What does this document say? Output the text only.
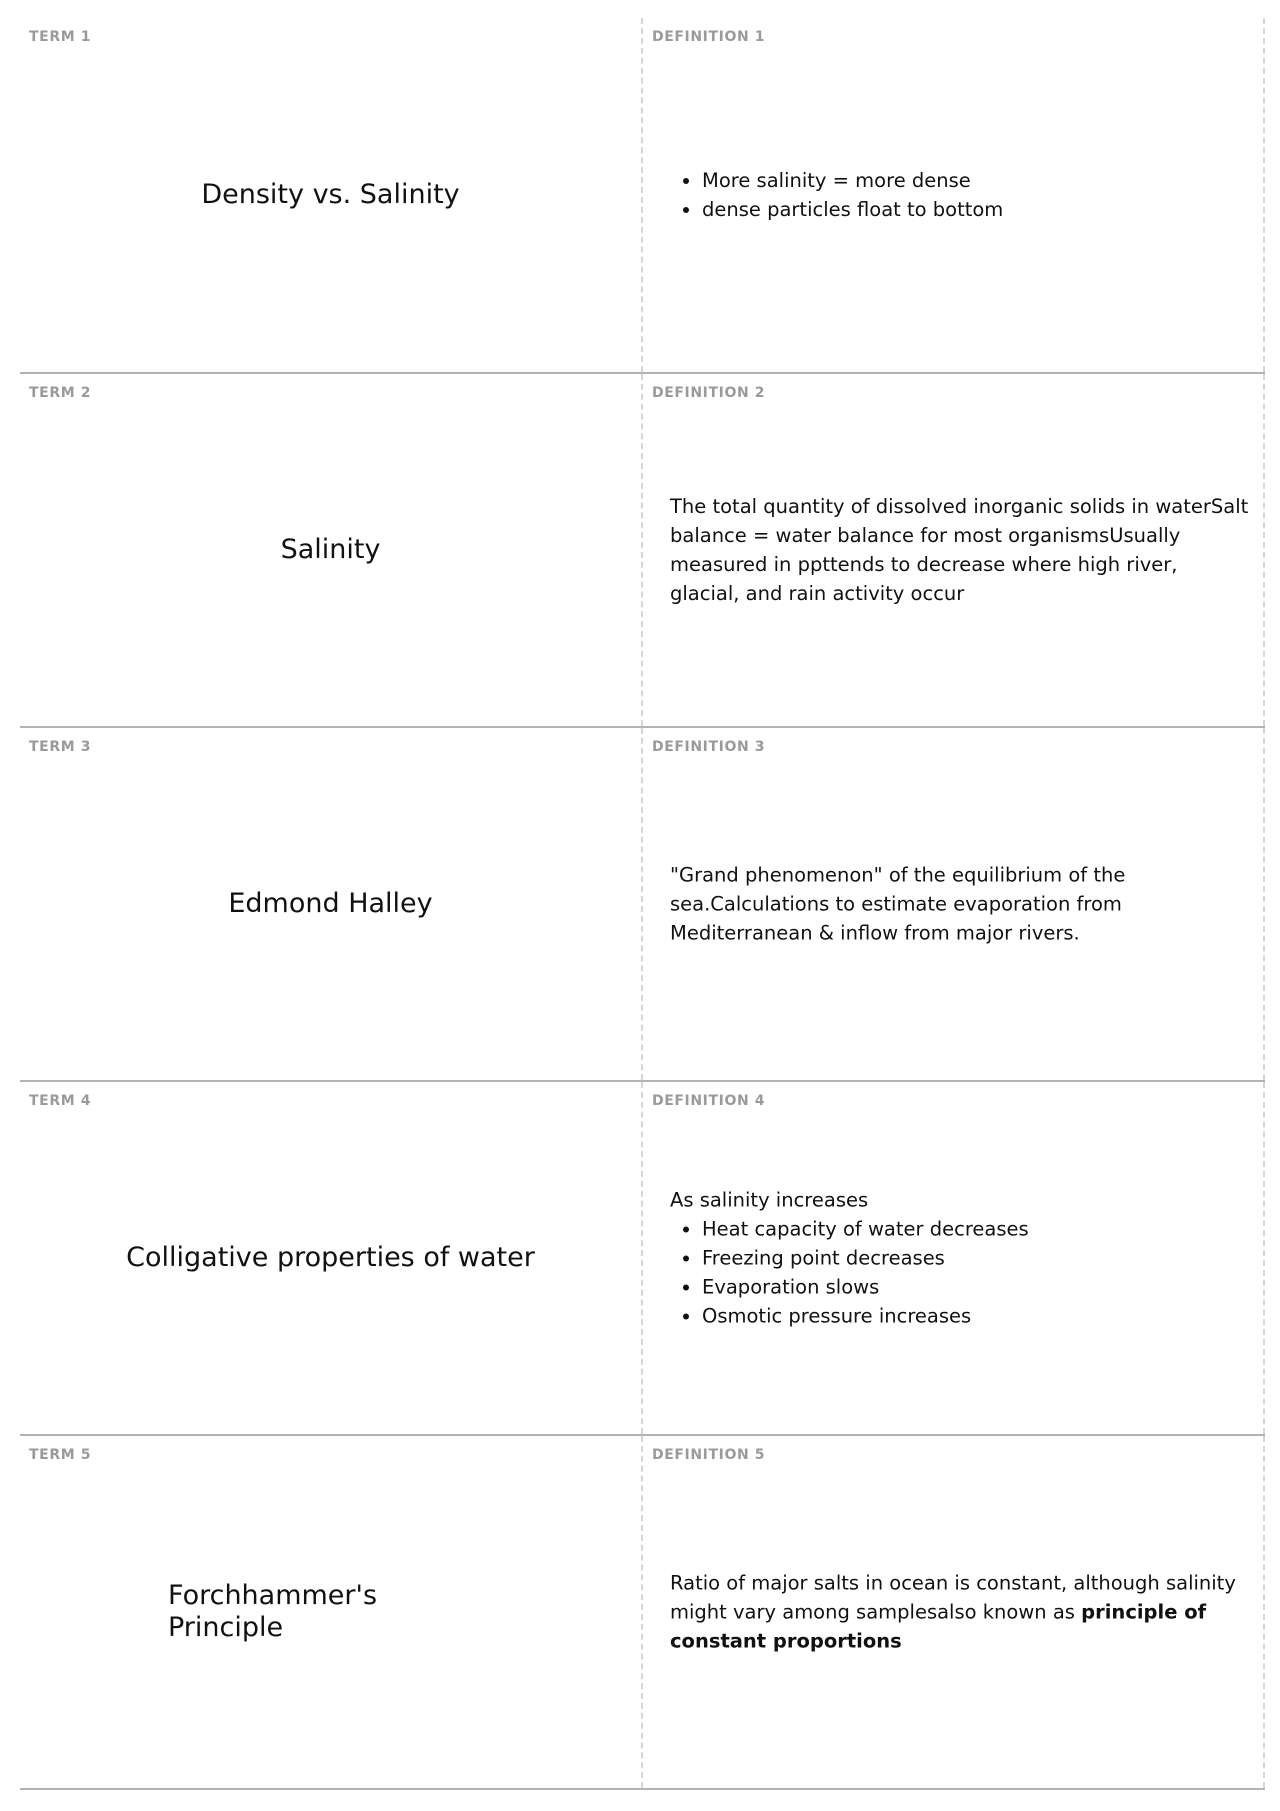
TERM 1
Density vs. Salinity
DEFINITION 1
• More salinity = more dense
• dense particles float to bottom
TERM 2
Salinity
DEFINITION 2

The total quantity of dissolved inorganic solids in waterSalt balance = water balance for most organismsUsually measured in ppttends to decrease where high river, glacial, and rain activity occur

TERM 3
Edmond Halley
DEFINITION 3

"Grand phenomenon" of the equilibrium of the sea.Calculations to estimate evaporation from Mediterranean & inflow from major rivers.

TERM 4
Colligative properties of water
DEFINITION 4

As salinity increases

• Heat capacity of water decreases
• Freezing point decreases
• Evaporation slows
• Osmotic pressure increases
TERM 5
Forchhammer's Principle
DEFINITION 5

Ratio of major salts in ocean is constant, although salinity might vary among samplesalso known as principle of constant proportions
